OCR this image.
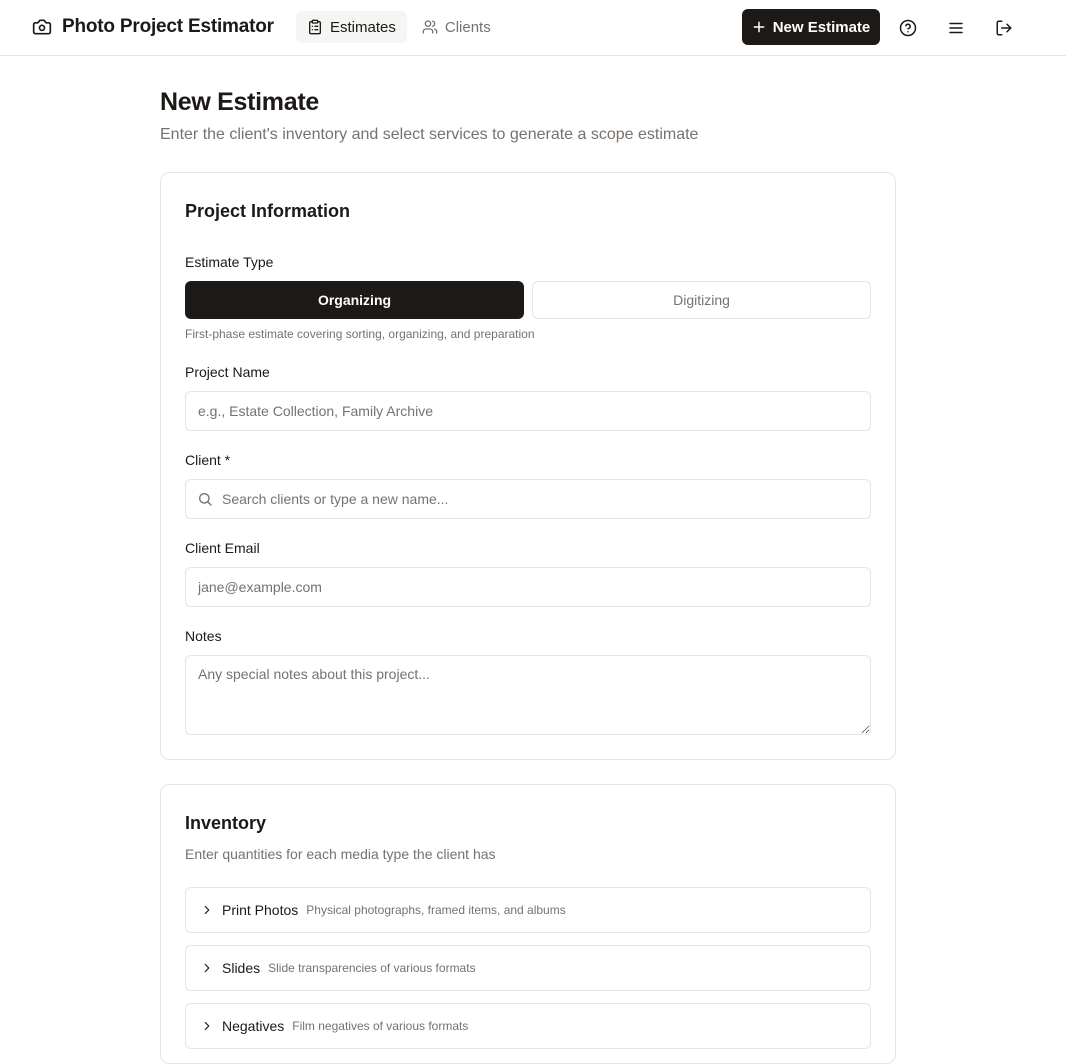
Photo Project Estimator	Estimates	Clients	New Estimate
New Estimate

Enter the client's inventory and select services to generate a scope estimate

Project Information
Estimate Type
Organizing	Digitizing
First-phase estimate covering sorting, organizing, and preparation
Project Name
e.g., Estate Collection, Family Archive
Client *
Search clients or type a new name...
Client Email
jane@example.com
Notes
Any special notes about this project...
Inventory
Enter quantities for each media type the client has
Print Photos Physical photographs, framed items, and albums
Slides Slide transparencies of various formats
Negatives Film negatives of various formats
